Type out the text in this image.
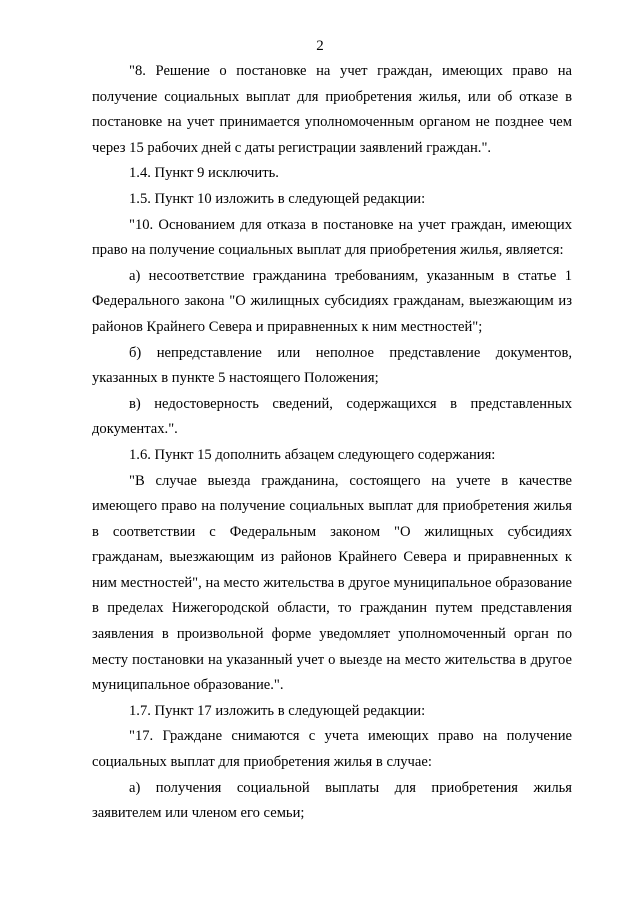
2

"8. Решение о постановке на учет граждан, имеющих право на получение социальных выплат для приобретения жилья, или об отказе в постановке на учет принимается уполномоченным органом не позднее чем через 15 рабочих дней с даты регистрации заявлений граждан.".

1.4. Пункт 9 исключить.

1.5. Пункт 10 изложить в следующей редакции:

"10. Основанием для отказа в постановке на учет граждан, имеющих право на получение социальных выплат для приобретения жилья, является:

а) несоответствие гражданина требованиям, указанным в статье 1 Федерального закона "О жилищных субсидиях гражданам, выезжающим из районов Крайнего Севера и приравненных к ним местностей";

б) непредставление или неполное представление документов, указанных в пункте 5 настоящего Положения;

в) недостоверность сведений, содержащихся в представленных документах.".

1.6. Пункт 15 дополнить абзацем следующего содержания:

"В случае выезда гражданина, состоящего на учете в качестве имеющего право на получение социальных выплат для приобретения жилья в соответствии с Федеральным законом "О жилищных субсидиях гражданам, выезжающим из районов Крайнего Севера и приравненных к ним местностей", на место жительства в другое муниципальное образование в пределах Нижегородской области, то гражданин путем представления заявления в произвольной форме уведомляет уполномоченный орган по месту постановки на указанный учет о выезде на место жительства в другое муниципальное образование.".

1.7. Пункт 17 изложить в следующей редакции:

"17. Граждане снимаются с учета имеющих право на получение социальных выплат для приобретения жилья в случае:

а) получения социальной выплаты для приобретения жилья заявителем или членом его семьи;
